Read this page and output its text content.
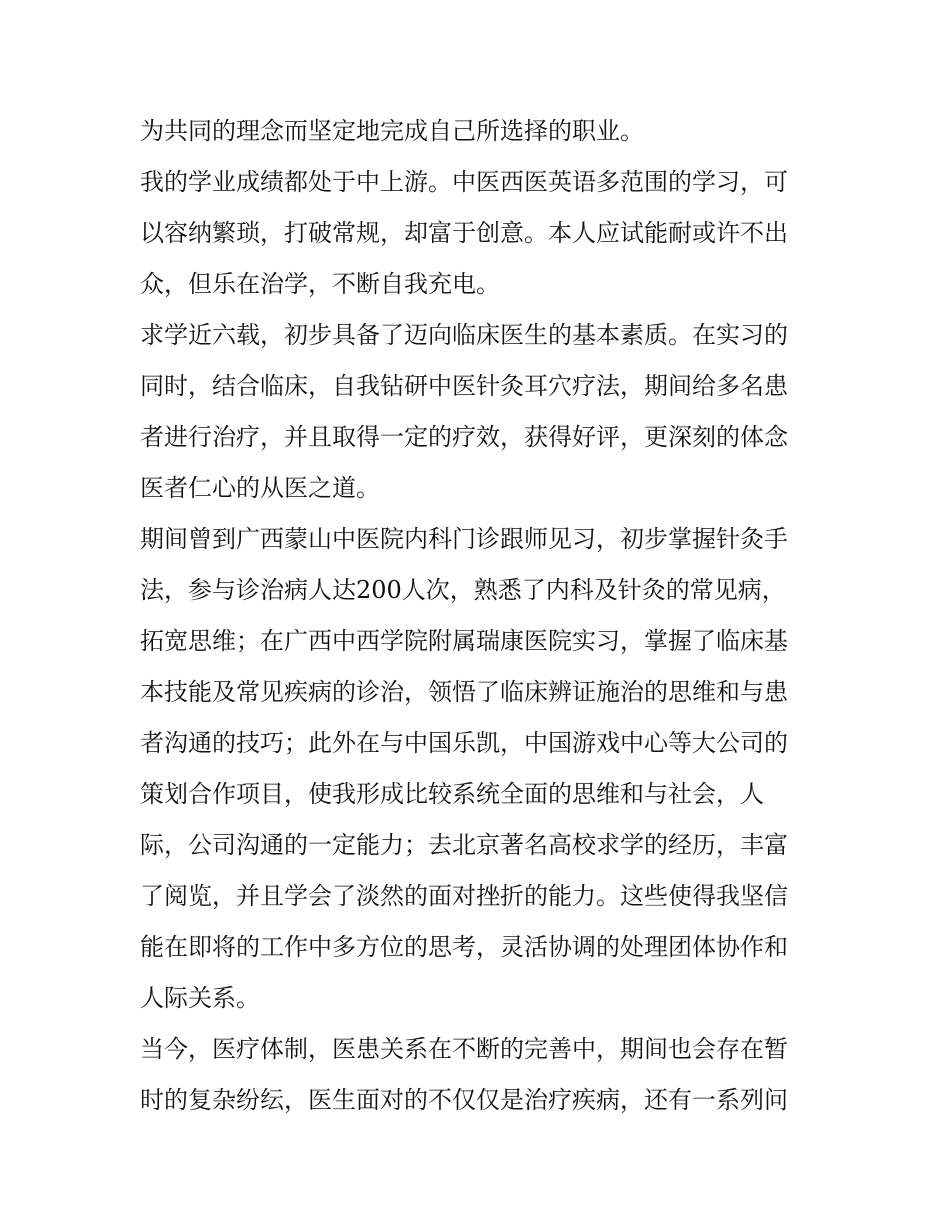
为共同的理念而坚定地完成自己所选择的职业。
我的学业成绩都处于中上游。中医西医英语多范围的学习，可
以容纳繁琐，打破常规，却富于创意。本人应试能耐或许不出
众，但乐在治学，不断自我充电。
求学近六载，初步具备了迈向临床医生的基本素质。在实习的
同时，结合临床，自我钻研中医针灸耳穴疗法，期间给多名患
者进行治疗，并且取得一定的疗效，获得好评，更深刻的体念
医者仁心的从医之道。
期间曾到广西蒙山中医院内科门诊跟师见习，初步掌握针灸手
法，参与诊治病人达200人次，熟悉了内科及针灸的常见病，
拓宽思维；在广西中西学院附属瑞康医院实习，掌握了临床基
本技能及常见疾病的诊治，领悟了临床辨证施治的思维和与患
者沟通的技巧；此外在与中国乐凯，中国游戏中心等大公司的
策划合作项目，使我形成比较系统全面的思维和与社会，人
际，公司沟通的一定能力；去北京著名高校求学的经历，丰富
了阅览，并且学会了淡然的面对挫折的能力。这些使得我坚信
能在即将的工作中多方位的思考，灵活协调的处理团体协作和
人际关系。
当今，医疗体制，医患关系在不断的完善中，期间也会存在暂
时的复杂纷纭，医生面对的不仅仅是治疗疾病，还有一系列问
